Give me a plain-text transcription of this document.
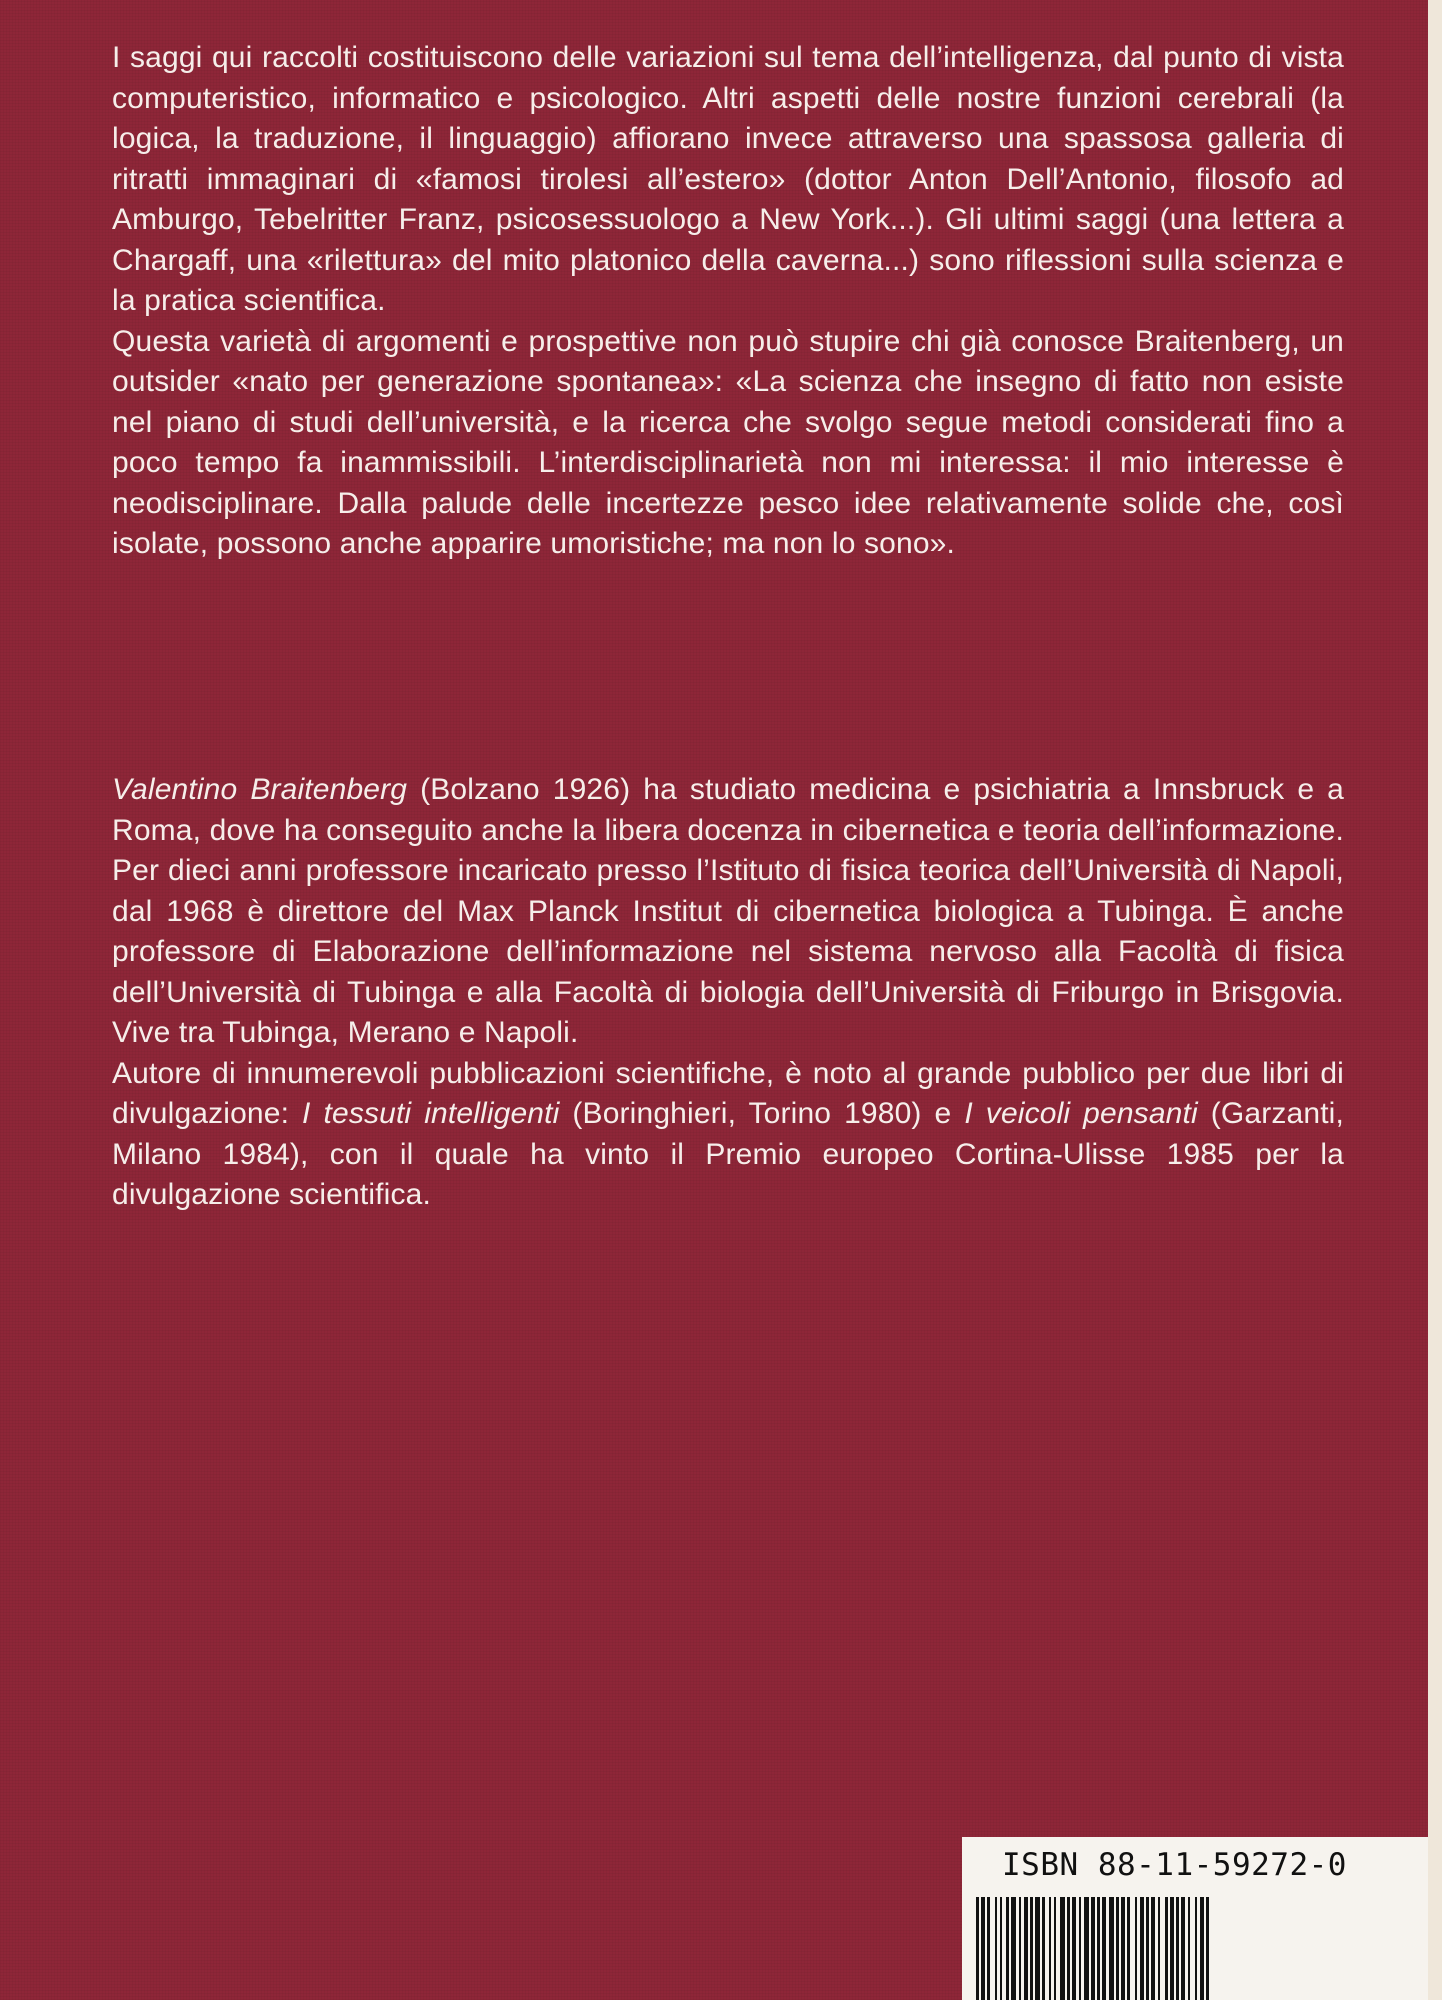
I saggi qui raccolti costituiscono delle variazioni sul tema dell’intelligenza, dal punto di vista computeristico, informatico e psicologico. Altri aspetti delle nostre funzioni cerebrali (la logica, la traduzione, il linguaggio) affiorano invece attraverso una spassosa galleria di ritratti immaginari di «famosi tirolesi all’estero» (dottor Anton Dell’Antonio, filosofo ad Amburgo, Tebelritter Franz, psicosessuologo a New York...). Gli ultimi saggi (una lettera a Chargaff, una «rilettura» del mito platonico della caverna...) sono riflessioni sulla scienza e la pratica scientifica.

Questa varietà di argomenti e prospettive non può stupire chi già conosce Braitenberg, un outsider «nato per generazione spontanea»: «La scienza che insegno di fatto non esiste nel piano di studi dell’università, e la ricerca che svolgo segue metodi considerati fino a poco tempo fa inammissibili. L’interdisciplinarietà non mi interessa: il mio interesse è neodisciplinare. Dalla palude delle incertezze pesco idee relativamente solide che, così isolate, possono anche apparire umoristiche; ma non lo sono».

Valentino Braitenberg (Bolzano 1926) ha studiato medicina e psichiatria a Innsbruck e a Roma, dove ha conseguito anche la libera docenza in cibernetica e teoria dell’informazione. Per dieci anni professore incaricato presso l’Istituto di fisica teorica dell’Università di Napoli, dal 1968 è direttore del Max Planck Institut di cibernetica biologica a Tubinga. È anche professore di Elaborazione dell’informazione nel sistema nervoso alla Facoltà di fisica dell’Università di Tubinga e alla Facoltà di biologia dell’Università di Friburgo in Brisgovia. Vive tra Tubinga, Merano e Napoli.

Autore di innumerevoli pubblicazioni scientifiche, è noto al grande pubblico per due libri di divulgazione: I tessuti intelligenti (Boringhieri, Torino 1980) e I veicoli pensanti (Garzanti, Milano 1984), con il quale ha vinto il Premio europeo Cortina-Ulisse 1985 per la divulgazione scientifica.

ISBN 88-11-59272-0
